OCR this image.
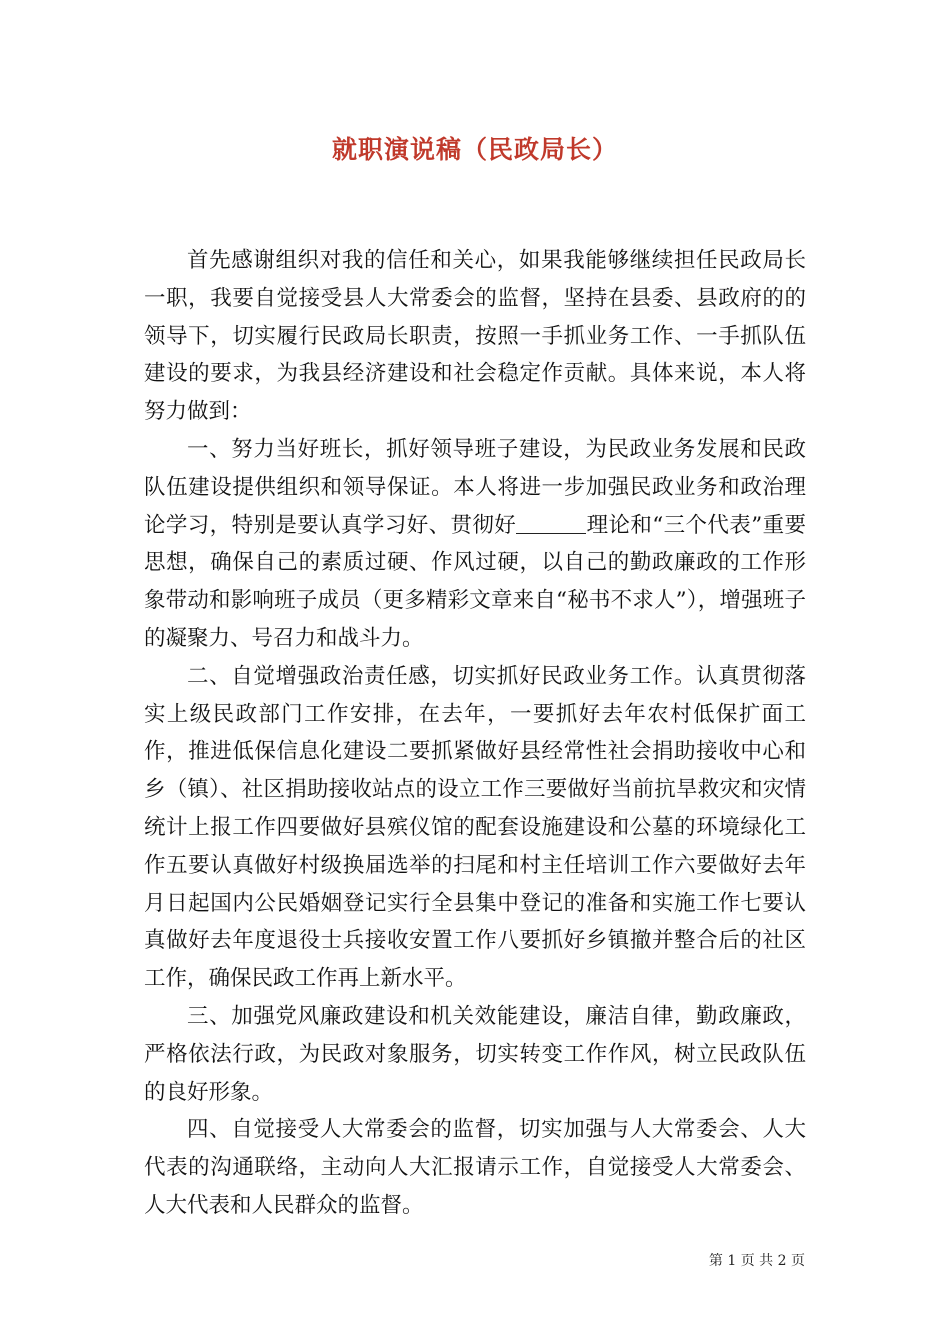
就职演说稿（民政局长）

首先感谢组织对我的信任和关心，如果我能够继续担任民政局长一职，我要自觉接受县人大常委会的监督，坚持在县委、县政府的的领导下，切实履行民政局长职责，按照一手抓业务工作、一手抓队伍建设的要求，为我县经济建设和社会稳定作贡献。具体来说，本人将努力做到：

一、努力当好班长，抓好领导班子建设，为民政业务发展和民政队伍建设提供组织和领导保证。本人将进一步加强民政业务和政治理论学习，特别是要认真学习好、贯彻好	理论和“三个代表”重要思想，确保自己的素质过硬、作风过硬，以自己的勤政廉政的工作形象带动和影响班子成员（更多精彩文章来自“秘书不求人”），增强班子的凝聚力、号召力和战斗力。

二、自觉增强政治责任感，切实抓好民政业务工作。认真贯彻落实上级民政部门工作安排，在去年，一要抓好去年农村低保扩面工作，推进低保信息化建设二要抓紧做好县经常性社会捐助接收中心和乡（镇）、社区捐助接收站点的设立工作三要做好当前抗旱救灾和灾情统计上报工作四要做好县殡仪馆的配套设施建设和公墓的环境绿化工作五要认真做好村级换届选举的扫尾和村主任培训工作六要做好去年月日起国内公民婚姻登记实行全县集中登记的准备和实施工作七要认真做好去年度退役士兵接收安置工作八要抓好乡镇撤并整合后的社区工作，确保民政工作再上新水平。

三、加强党风廉政建设和机关效能建设，廉洁自律，勤政廉政，严格依法行政，为民政对象服务，切实转变工作作风，树立民政队伍的良好形象。

四、自觉接受人大常委会的监督，切实加强与人大常委会、人大代表的沟通联络，主动向人大汇报请示工作，自觉接受人大常委会、人大代表和人民群众的监督。

第 1 页 共 2 页
